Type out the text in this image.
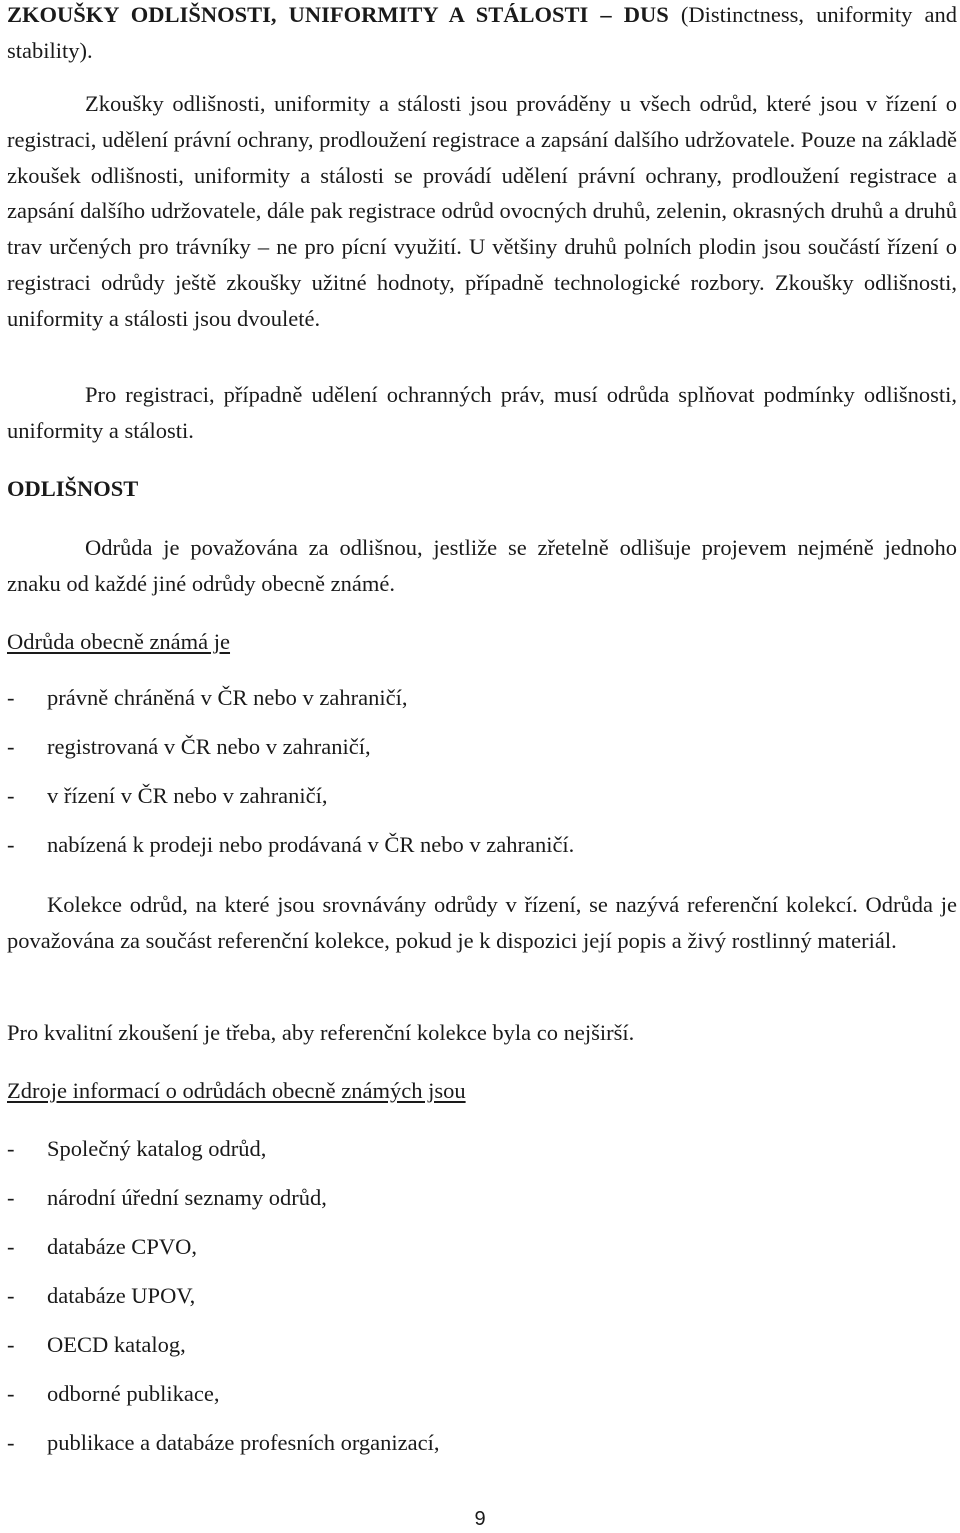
ZKOUŠKY ODLIŠNOSTI, UNIFORMITY A STÁLOSTI – DUS (Distinctness, uniformity and stability).

Zkoušky odlišnosti, uniformity a stálosti jsou prováděny u všech odrůd, které jsou v řízení o registraci, udělení právní ochrany, prodloužení registrace a zapsání dalšího udržovatele. Pouze na základě zkoušek odlišnosti, uniformity a stálosti se provádí udělení právní ochrany, prodloužení registrace a zapsání dalšího udržovatele, dále pak registrace odrůd ovocných druhů, zelenin, okrasných druhů a druhů trav určených pro trávníky – ne pro pícní využití. U většiny druhů polních plodin jsou součástí řízení o registraci odrůdy ještě zkoušky užitné hodnoty, případně technologické rozbory. Zkoušky odlišnosti, uniformity a stálosti jsou dvouleté.

Pro registraci, případně udělení ochranných práv, musí odrůda splňovat podmínky odlišnosti, uniformity a stálosti.

ODLIŠNOST

Odrůda je považována za odlišnou, jestliže se zřetelně odlišuje projevem nejméně jednoho znaku od každé jiné odrůdy obecně známé.

Odrůda obecně známá je

- právně chráněná v ČR nebo v zahraničí,
- registrovaná v ČR nebo v zahraničí,
- v řízení v ČR nebo v zahraničí,
- nabízená k prodeji nebo prodávaná v ČR nebo v zahraničí.

Kolekce odrůd, na které jsou srovnávány odrůdy v řízení, se nazývá referenční kolekcí. Odrůda je považována za součást referenční kolekce, pokud je k dispozici její popis a živý rostlinný materiál.

Pro kvalitní zkoušení je třeba, aby referenční kolekce byla co nejširší.

Zdroje informací o odrůdách obecně známých jsou

- Společný katalog odrůd,
- národní úřední seznamy odrůd,
- databáze CPVO,
- databáze UPOV,
- OECD katalog,
- odborné publikace,
- publikace a databáze profesních organizací,
9
